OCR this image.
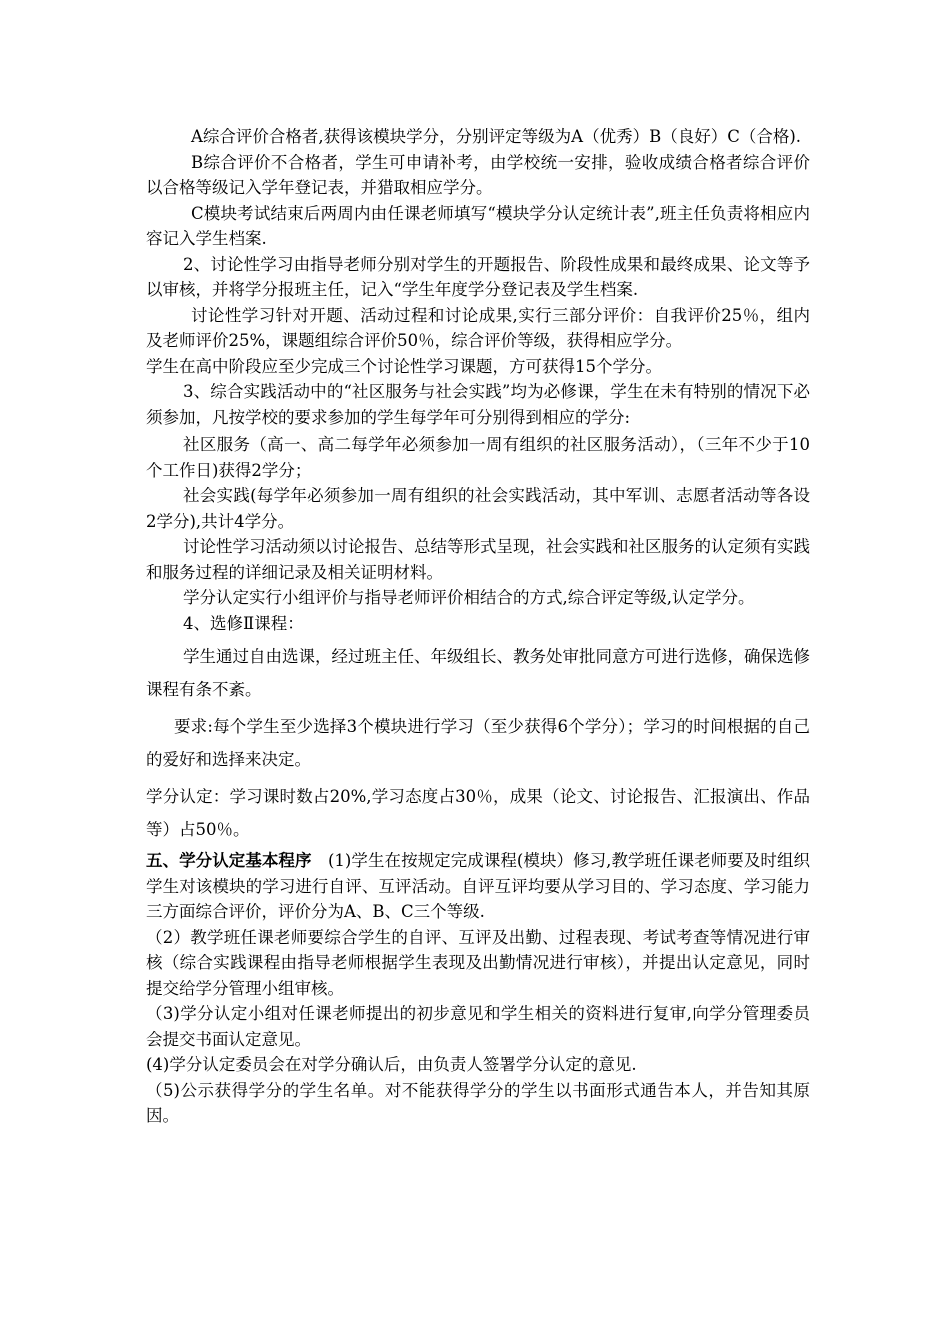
A综合评价合格者,获得该模块学分，分别评定等级为A（优秀）B（良好）C（合格).

B综合评价不合格者，学生可申请补考，由学校统一安排，验收成绩合格者综合评价以合格等级记入学年登记表，并猎取相应学分。

C模块考试结束后两周内由任课老师填写“模块学分认定统计表”,班主任负责将相应内容记入学生档案.

2、讨论性学习由指导老师分别对学生的开题报告、阶段性成果和最终成果、论文等予以审核，并将学分报班主任，记入“学生年度学分登记表及学生档案.

讨论性学习针对开题、活动过程和讨论成果,实行三部分评价：自我评价25％，组内及老师评价25%，课题组综合评价50％，综合评价等级，获得相应学分。

学生在高中阶段应至少完成三个讨论性学习课题，方可获得15个学分。

3、综合实践活动中的“社区服务与社会实践”均为必修课，学生在未有特别的情况下必须参加，凡按学校的要求参加的学生每学年可分别得到相应的学分:

社区服务（高一、高二每学年必须参加一周有组织的社区服务活动），（三年不少于10个工作日)获得2学分；

社会实践(每学年必须参加一周有组织的社会实践活动，其中军训、志愿者活动等各设2学分),共计4学分。

讨论性学习活动须以讨论报告、总结等形式呈现，社会实践和社区服务的认定须有实践和服务过程的详细记录及相关证明材料。

学分认定实行小组评价与指导老师评价相结合的方式,综合评定等级,认定学分。

4、选修Ⅱ课程：

学生通过自由选课，经过班主任、年级组长、教务处审批同意方可进行选修，确保选修课程有条不紊。

要求:每个学生至少选择3个模块进行学习（至少获得6个学分）；学习的时间根据的自己的爱好和选择来决定。

学分认定：学习课时数占20%,学习态度占30％，成果（论文、讨论报告、汇报演出、作品等）占50％。

五、学分认定基本程序  (1)学生在按规定完成课程(模块）修习,教学班任课老师要及时组织学生对该模块的学习进行自评、互评活动。自评互评均要从学习目的、学习态度、学习能力三方面综合评价，评价分为A、B、C三个等级.

（2）教学班任课老师要综合学生的自评、互评及出勤、过程表现、考试考查等情况进行审核（综合实践课程由指导老师根据学生表现及出勤情况进行审核），并提出认定意见，同时提交给学分管理小组审核。

（3)学分认定小组对任课老师提出的初步意见和学生相关的资料进行复审,向学分管理委员会提交书面认定意见。

(4)学分认定委员会在对学分确认后，由负责人签署学分认定的意见.

（5)公示获得学分的学生名单。对不能获得学分的学生以书面形式通告本人，并告知其原因。
